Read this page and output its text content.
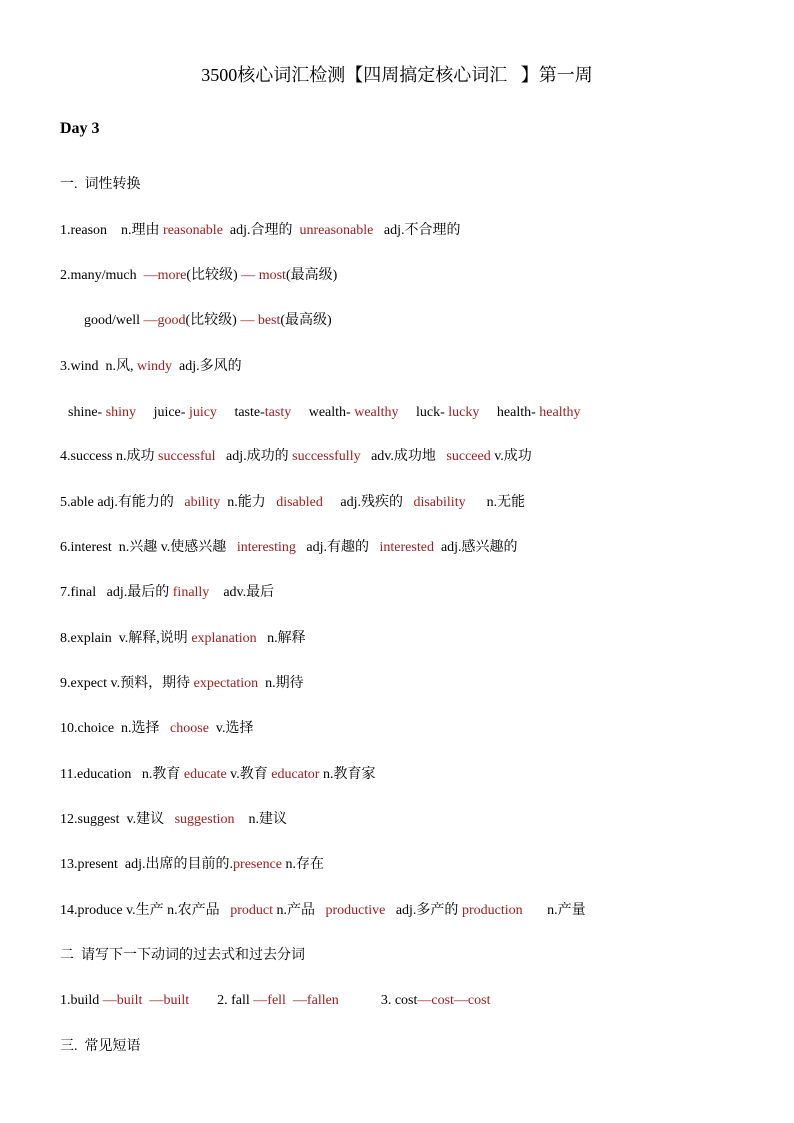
3500核心词汇检测【四周搞定核心词汇   】第一周
Day 3
一.  词性转换
1.reason    n.理由 reasonable  adj.合理的  unreasonable   adj.不合理的
2.many/much  —more(比较级) — most(最高级)
good/well —good(比较级) — best(最高级)
3.wind  n.风, windy  adj.多风的
shine- shiny     juice- juicy     taste-tasty     wealth- wealthy     luck- lucky     health- healthy
4.success n.成功 successful   adj.成功的 successfully   adv.成功地   succeed v.成功
5.able adj.有能力的   ability  n.能力   disabled     adj.残疾的   disability      n.无能
6.interest  n.兴趣 v.使感兴趣   interesting   adj.有趣的   interested  adj.感兴趣的
7.final   adj.最后的 finally    adv.最后
8.explain  v.解释,说明 explanation   n.解释
9.expect v.预料，期待 expectation  n.期待
10.choice  n.选择   choose  v.选择
11.education   n.教育 educate v.教育 educator n.教育家
12.suggest  v.建议   suggestion    n.建议
13.present  adj.出席的目前的.presence n.存在
14.produce v.生产 n.农产品   product n.产品   productive   adj.多产的 production       n.产量
二  请写下一下动词的过去式和过去分词
1.build —built  —built        2. fall —fell  —fallen            3. cost—cost—cost
三.  常见短语
